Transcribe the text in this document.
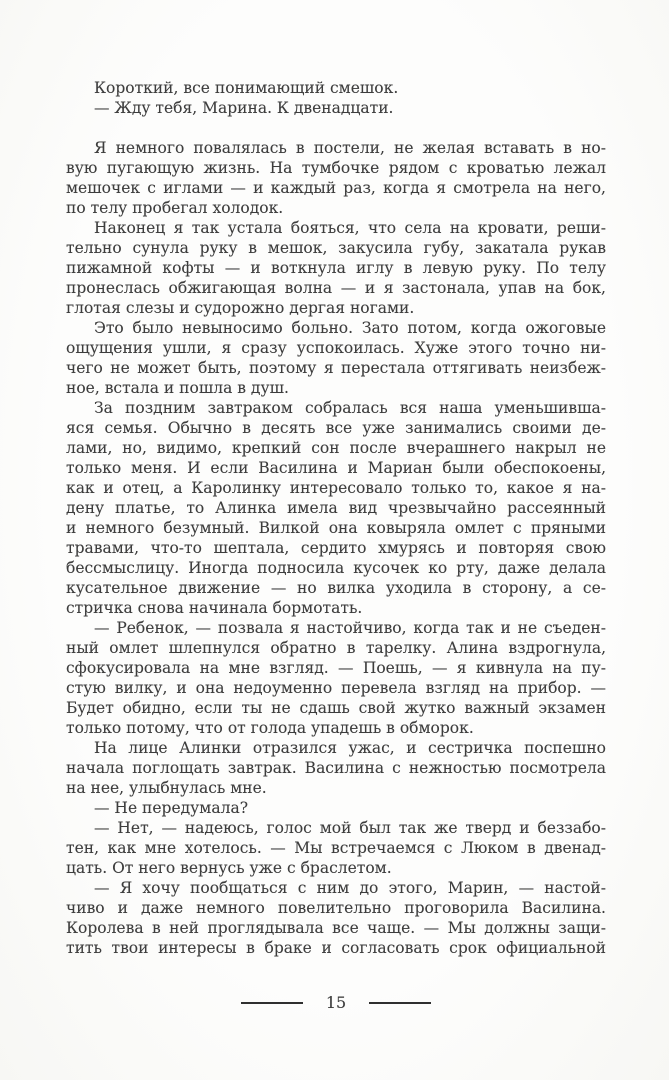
Короткий, все понимающий смешок.
— Жду тебя, Марина. К двенадцати.
Я немного повалялась в постели, не желая вставать в но-
вую пугающую жизнь. На тумбочке рядом с кроватью лежал
мешочек с иглами — и каждый раз, когда я смотрела на него,
по телу пробегал холодок.
Наконец я так устала бояться, что села на кровати, реши-
тельно сунула руку в мешок, закусила губу, закатала рукав
пижамной кофты — и воткнула иглу в левую руку. По телу
пронеслась обжигающая волна — и я застонала, упав на бок,
глотая слезы и судорожно дергая ногами.
Это было невыносимо больно. Зато потом, когда ожоговые
ощущения ушли, я сразу успокоилась. Хуже этого точно ни-
чего не может быть, поэтому я перестала оттягивать неизбеж-
ное, встала и пошла в душ.
За поздним завтраком собралась вся наша уменьшивша-
яся семья. Обычно в десять все уже занимались своими де-
лами, но, видимо, крепкий сон после вчерашнего накрыл не
только меня. И если Василина и Мариан были обеспокоены,
как и отец, а Каролинку интересовало только то, какое я на-
дену платье, то Алинка имела вид чрезвычайно рассеянный
и немного безумный. Вилкой она ковыряла омлет с пряными
травами, что-то шептала, сердито хмурясь и повторяя свою
бессмыслицу. Иногда подносила кусочек ко рту, даже делала
кусательное движение — но вилка уходила в сторону, а се-
стричка снова начинала бормотать.
— Ребенок, — позвала я настойчиво, когда так и не съеден-
ный омлет шлепнулся обратно в тарелку. Алина вздрогнула,
сфокусировала на мне взгляд. — Поешь, — я кивнула на пу-
стую вилку, и она недоуменно перевела взгляд на прибор. —
Будет обидно, если ты не сдашь свой жутко важный экзамен
только потому, что от голода упадешь в обморок.
На лице Алинки отразился ужас, и сестричка поспешно
начала поглощать завтрак. Василина с нежностью посмотрела
на нее, улыбнулась мне.
— Не передумала?
— Нет, — надеюсь, голос мой был так же тверд и беззабо-
тен, как мне хотелось. — Мы встречаемся с Люком в двенад-
цать. От него вернусь уже с браслетом.
— Я хочу пообщаться с ним до этого, Марин, — настой-
чиво и даже немного повелительно проговорила Василина.
Королева в ней проглядывала все чаще. — Мы должны защи-
тить твои интересы в браке и согласовать срок официальной
15
